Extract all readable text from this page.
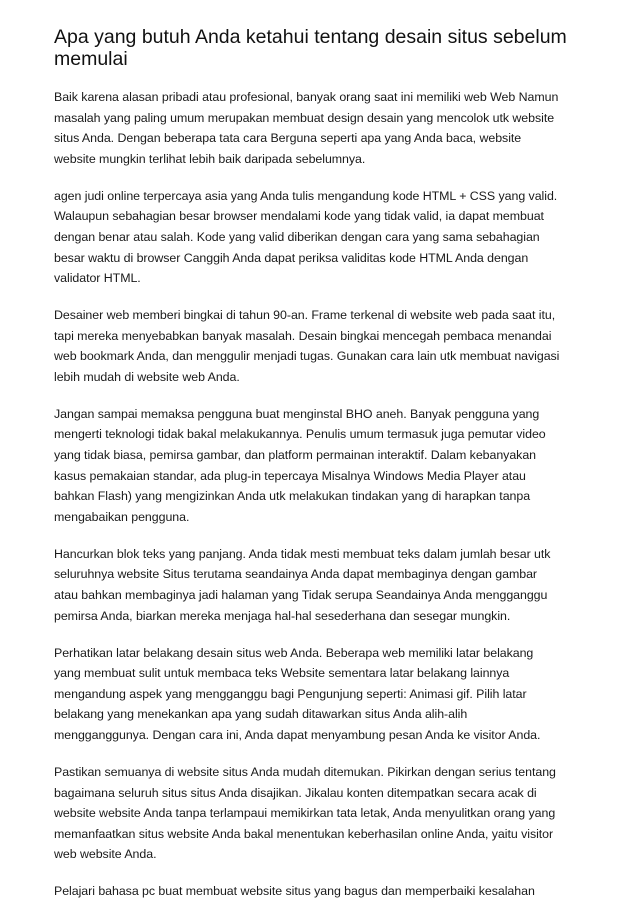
Apa yang butuh Anda ketahui tentang desain situs sebelum
memulai

Baik karena alasan pribadi atau profesional, banyak orang saat ini memiliki web Web Namun
masalah yang paling umum merupakan membuat design desain yang mencolok utk website
situs Anda. Dengan beberapa tata cara Berguna seperti apa yang Anda baca, website
website mungkin terlihat lebih baik daripada sebelumnya.

agen judi online terpercaya asia yang Anda tulis mengandung kode HTML + CSS yang valid.
Walaupun sebahagian besar browser mendalami kode yang tidak valid, ia dapat membuat
dengan benar atau salah. Kode yang valid diberikan dengan cara yang sama sebahagian
besar waktu di browser Canggih Anda dapat periksa validitas kode HTML Anda dengan
validator HTML.

Desainer web memberi bingkai di tahun 90-an. Frame terkenal di website web pada saat itu,
tapi mereka menyebabkan banyak masalah. Desain bingkai mencegah pembaca menandai
web bookmark Anda, dan menggulir menjadi tugas. Gunakan cara lain utk membuat navigasi
lebih mudah di website web Anda.

Jangan sampai memaksa pengguna buat menginstal BHO aneh. Banyak pengguna yang
mengerti teknologi tidak bakal melakukannya. Penulis umum termasuk juga pemutar video
yang tidak biasa, pemirsa gambar, dan platform permainan interaktif. Dalam kebanyakan
kasus pemakaian standar, ada plug-in tepercaya Misalnya Windows Media Player atau
bahkan Flash) yang mengizinkan Anda utk melakukan tindakan yang di harapkan tanpa
mengabaikan pengguna.

Hancurkan blok teks yang panjang. Anda tidak mesti membuat teks dalam jumlah besar utk
seluruhnya website Situs terutama seandainya Anda dapat membaginya dengan gambar
atau bahkan membaginya jadi halaman yang Tidak serupa Seandainya Anda mengganggu
pemirsa Anda, biarkan mereka menjaga hal-hal sesederhana dan sesegar mungkin.

Perhatikan latar belakang desain situs web Anda. Beberapa web memiliki latar belakang
yang membuat sulit untuk membaca teks Website sementara latar belakang lainnya
mengandung aspek yang mengganggu bagi Pengunjung seperti: Animasi gif. Pilih latar
belakang yang menekankan apa yang sudah ditawarkan situs Anda alih-alih
mengganggunya. Dengan cara ini, Anda dapat menyambung pesan Anda ke visitor Anda.

Pastikan semuanya di website situs Anda mudah ditemukan. Pikirkan dengan serius tentang
bagaimana seluruh situs situs Anda disajikan. Jikalau konten ditempatkan secara acak di
website website Anda tanpa terlampaui memikirkan tata letak, Anda menyulitkan orang yang
memanfaatkan situs website Anda bakal menentukan keberhasilan online Anda, yaitu visitor
web website Anda.

Pelajari bahasa pc buat membuat website situs yang bagus dan memperbaiki kesalahan
